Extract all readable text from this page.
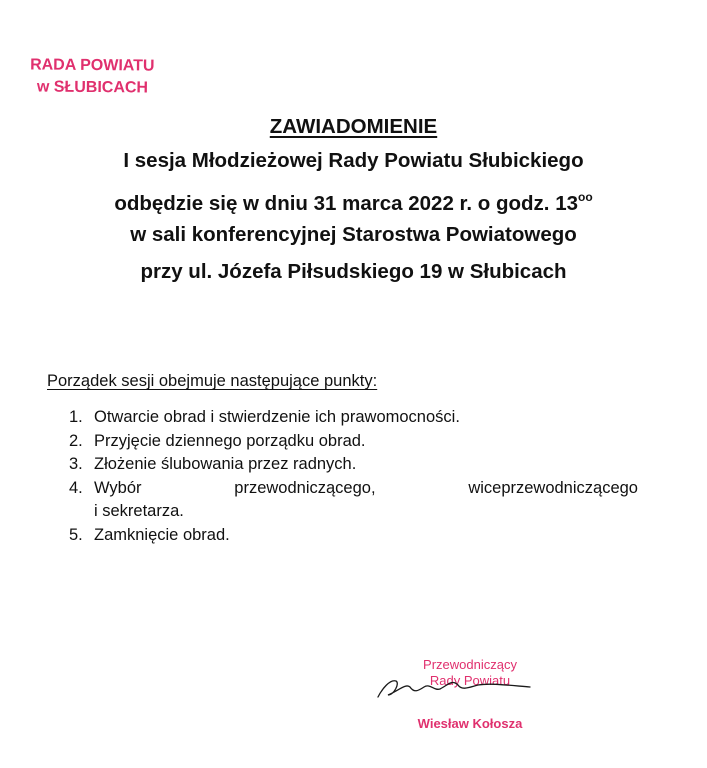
RADA POWIATU
w SŁUBICACH
ZAWIADOMIENIE
I sesja Młodzieżowej Rady Powiatu Słubickiego
odbędzie się w dniu 31 marca 2022 r. o godz. $13^{oo}$
w sali konferencyjnej Starostwa Powiatowego
przy ul. Józefa Piłsudskiego 19 w Słubicach
Porządek sesji obejmuje następujące punkty:
1. Otwarcie obrad i stwierdzenie ich prawomocności.
2. Przyjęcie dziennego porządku obrad.
3. Złożenie ślubowania przez radnych.
4. Wybór	przewodniczącego,	wiceprzewodniczącego
i sekretarza.
5. Zamknięcie obrad.
Przewodniczący
Rady Powiatu
Wiesław Kołosza
